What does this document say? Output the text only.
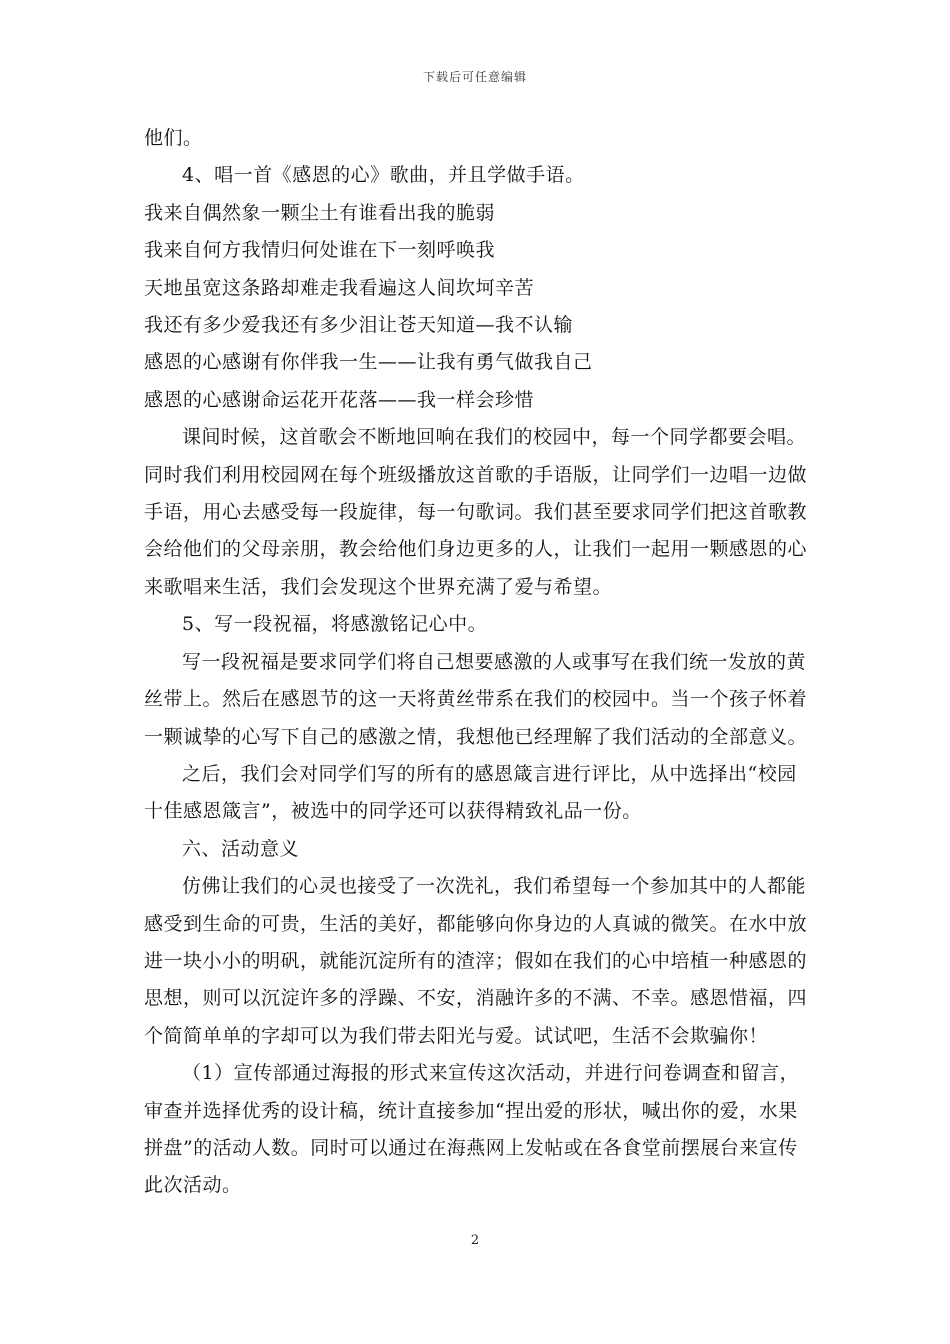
下载后可任意编辑

他们。

4、唱一首《感恩的心》歌曲，并且学做手语。

我来自偶然象一颗尘土有谁看出我的脆弱

我来自何方我情归何处谁在下一刻呼唤我

天地虽宽这条路却难走我看遍这人间坎坷辛苦

我还有多少爱我还有多少泪让苍天知道—我不认输

感恩的心感谢有你伴我一生——让我有勇气做我自己

感恩的心感谢命运花开花落——我一样会珍惜

课间时候，这首歌会不断地回响在我们的校园中，每一个同学都要会唱。同时我们利用校园网在每个班级播放这首歌的手语版，让同学们一边唱一边做手语，用心去感受每一段旋律，每一句歌词。我们甚至要求同学们把这首歌教会给他们的父母亲朋，教会给他们身边更多的人，让我们一起用一颗感恩的心来歌唱来生活，我们会发现这个世界充满了爱与希望。

5、写一段祝福，将感激铭记心中。

写一段祝福是要求同学们将自己想要感激的人或事写在我们统一发放的黄丝带上。然后在感恩节的这一天将黄丝带系在我们的校园中。当一个孩子怀着一颗诚挚的心写下自己的感激之情，我想他已经理解了我们活动的全部意义。

之后，我们会对同学们写的所有的感恩箴言进行评比，从中选择出“校园十佳感恩箴言”，被选中的同学还可以获得精致礼品一份。

六、活动意义

仿佛让我们的心灵也接受了一次洗礼，我们希望每一个参加其中的人都能感受到生命的可贵，生活的美好，都能够向你身边的人真诚的微笑。在水中放进一块小小的明矾，就能沉淀所有的渣滓；假如在我们的心中培植一种感恩的思想，则可以沉淀许多的浮躁、不安，消融许多的不满、不幸。感恩惜福，四个简简单单的字却可以为我们带去阳光与爱。试试吧，生活不会欺骗你！

（1）宣传部通过海报的形式来宣传这次活动，并进行问卷调查和留言，审查并选择优秀的设计稿，统计直接参加“捏出爱的形状，喊出你的爱，水果拼盘”的活动人数。同时可以通过在海燕网上发帖或在各食堂前摆展台来宣传此次活动。

2
